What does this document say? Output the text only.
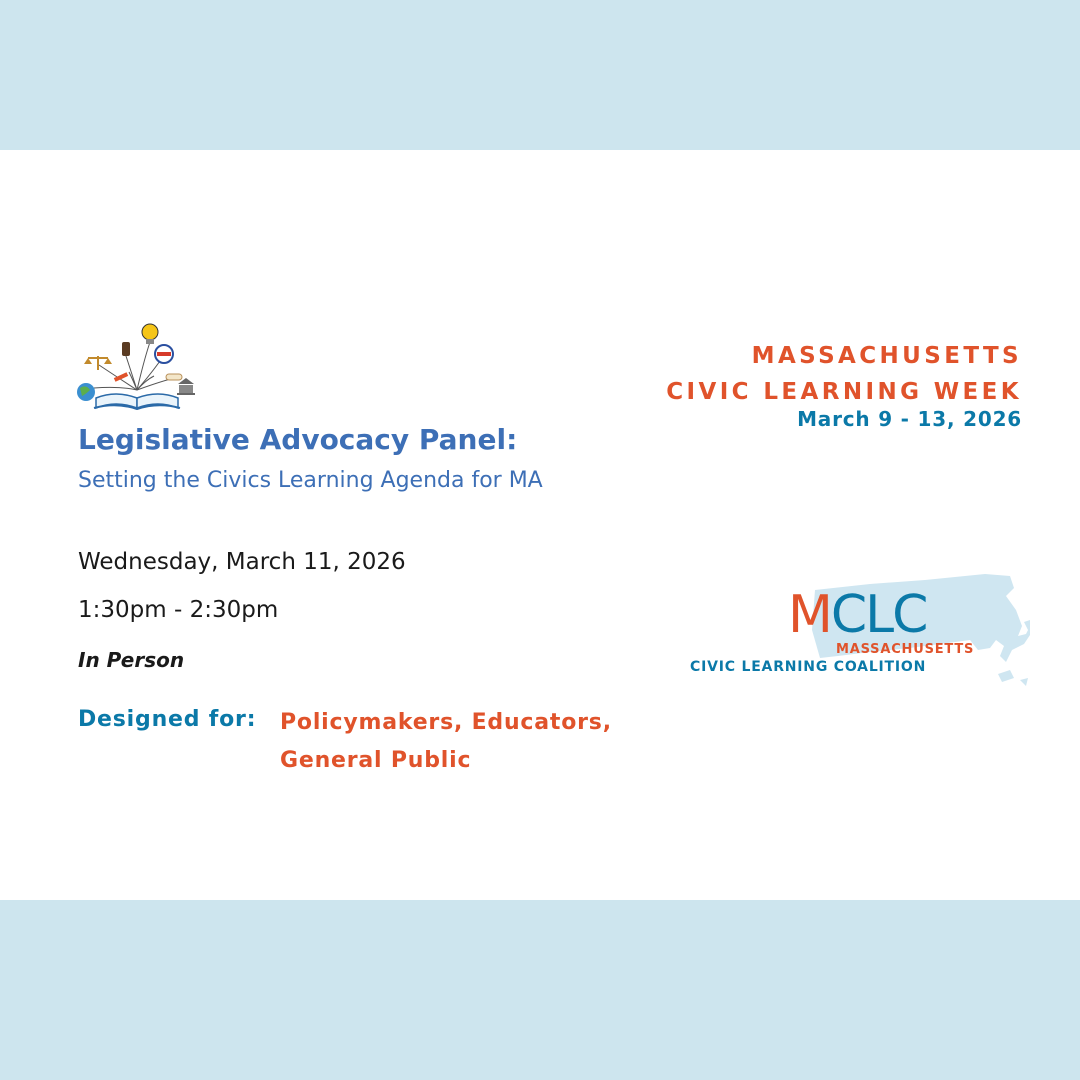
Legislative Advocacy Panel:

Setting the Civics Learning Agenda for MA

Wednesday, March 11, 2026

1:30pm - 2:30pm

In Person

Designed for: Policymakers, Educators,
General Public
MASSACHUSETTS
CIVIC LEARNING WEEK

March 9 - 13, 2026

MCLC

MASSACHUSETTS

CIVIC LEARNING COALITION
